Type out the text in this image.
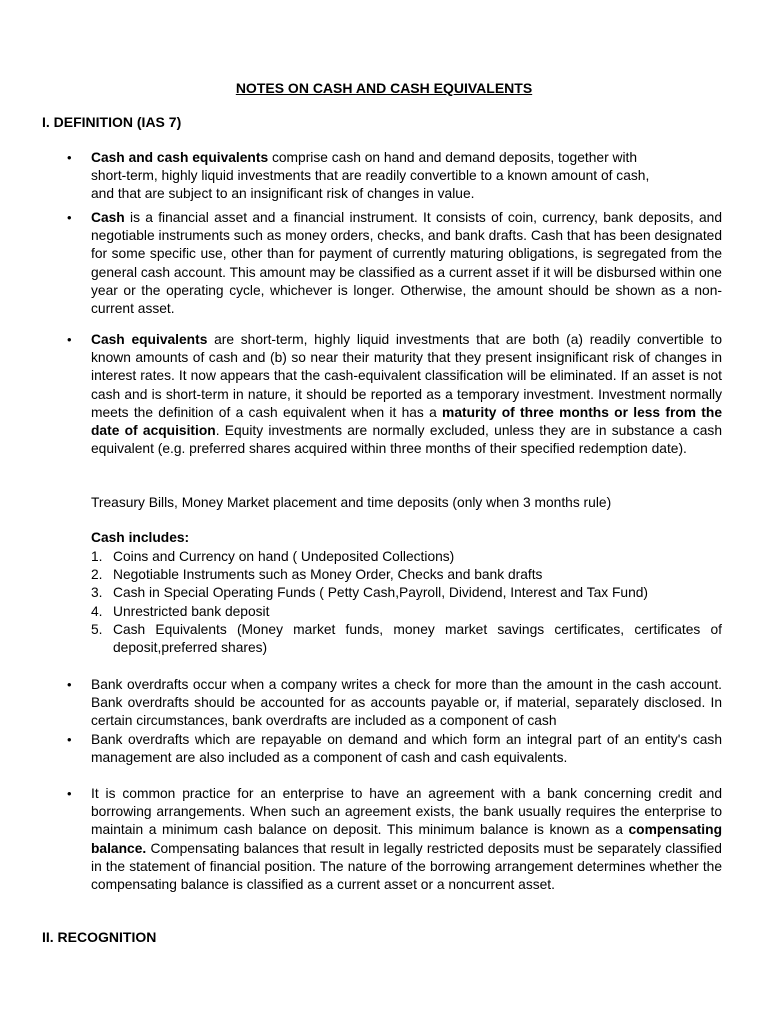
NOTES ON CASH AND CASH EQUIVALENTS
I. DEFINITION (IAS 7)
• Cash and cash equivalents comprise cash on hand and demand deposits, together with
short-term, highly liquid investments that are readily convertible to a known amount of cash,
and that are subject to an insignificant risk of changes in value.
• Cash is a financial asset and a financial instrument. It consists of coin, currency, bank deposits, and negotiable instruments such as money orders, checks, and bank drafts. Cash that has been designated for some specific use, other than for payment of currently maturing obligations, is segregated from the general cash account. This amount may be classified as a current asset if it will be disbursed within one year or the operating cycle, whichever is longer. Otherwise, the amount should be shown as a non-current asset.
• Cash equivalents are short-term, highly liquid investments that are both (a) readily convertible to known amounts of cash and (b) so near their maturity that they present insignificant risk of changes in interest rates. It now appears that the cash-equivalent classification will be eliminated. If an asset is not cash and is short-term in nature, it should be reported as a temporary investment. Investment normally meets the definition of a cash equivalent when it has a maturity of three months or less from the date of acquisition. Equity investments are normally excluded, unless they are in substance a cash equivalent (e.g. preferred shares acquired within three months of their specified redemption date).

Treasury Bills, Money Market placement and time deposits (only when 3 months rule)

Cash includes:

1. Coins and Currency on hand ( Undeposited Collections)
2. Negotiable Instruments such as Money Order, Checks and bank drafts
3. Cash in Special Operating Funds ( Petty Cash,Payroll, Dividend, Interest and Tax Fund)
4. Unrestricted bank deposit
5. Cash Equivalents (Money market funds, money market savings certificates, certificates of deposit,preferred shares)
• Bank overdrafts occur when a company writes a check for more than the amount in the cash account. Bank overdrafts should be accounted for as accounts payable or, if material, separately disclosed. In certain circumstances, bank overdrafts are included as a component of cash
• Bank overdrafts which are repayable on demand and which form an integral part of an entity's cash management are also included as a component of cash and cash equivalents.
• It is common practice for an enterprise to have an agreement with a bank concerning credit and borrowing arrangements. When such an agreement exists, the bank usually requires the enterprise to maintain a minimum cash balance on deposit. This minimum balance is known as a compensating balance. Compensating balances that result in legally restricted deposits must be separately classified in the statement of financial position. The nature of the borrowing arrangement determines whether the compensating balance is classified as a current asset or a noncurrent asset.
II. RECOGNITION
